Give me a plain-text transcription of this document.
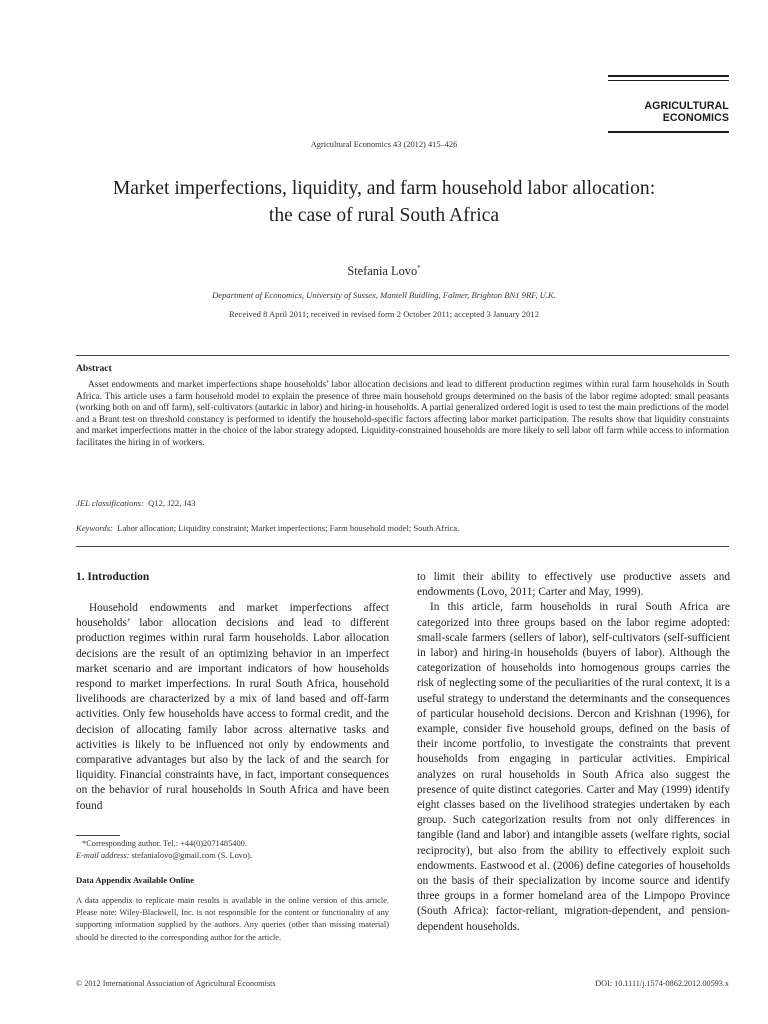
AGRICULTURAL
ECONOMICS
Agricultural Economics 43 (2012) 415–426
Market imperfections, liquidity, and farm household labor allocation:
the case of rural South Africa
Stefania Lovo*
Department of Economics, University of Sussex, Mantell Buidling, Falmer, Brighton BN1 9RF, U.K.
Received 8 April 2011; received in revised form 2 October 2011; accepted 3 January 2012
Abstract
Asset endowments and market imperfections shape households’ labor allocation decisions and lead to different production regimes within rural farm households in South Africa. This article uses a farm household model to explain the presence of three main household groups determined on the basis of the labor regime adopted: small peasants (working both on and off farm), self-cultivators (autarkic in labor) and hiring-in households. A partial generalized ordered logit is used to test the main predictions of the model and a Brant test on threshold constancy is performed to identify the household-specific factors affecting labor market participation. The results show that liquidity constraints and market imperfections matter in the choice of the labor strategy adopted. Liquidity-constrained households are more likely to sell labor off farm while access to information facilitates the hiring in of workers.
JEL classifications: Q12, J22, J43
Keywords: Labor allocation; Liquidity constraint; Market imperfections; Farm household model; South Africa.
1. Introduction

Household endowments and market imperfections affect households’ labor allocation decisions and lead to different production regimes within rural farm households. Labor allocation decisions are the result of an optimizing behavior in an imperfect market scenario and are important indicators of how households respond to market imperfections. In rural South Africa, household livelihoods are characterized by a mix of land based and off-farm activities. Only few households have access to formal credit, and the decision of allocating family labor across alternative tasks and activities is likely to be influenced not only by endowments and comparative advantages but also by the lack of and the search for liquidity. Financial constraints have, in fact, important consequences on the behavior of rural households in South Africa and have been found

*Corresponding author. Tel.: +44(0)2071485400.

E-mail address: stefanialovo@gmail.com (S. Lovo).

Data Appendix Available Online
A data appendix to replicate main results is available in the online version of this article. Please note: Wiley-Blackwell, Inc. is not responsible for the content or functionality of any supporting information supplied by the authors. Any queries (other than missing material) should be directed to the corresponding author for the article.

to limit their ability to effectively use productive assets and endowments (Lovo, 2011; Carter and May, 1999).

In this article, farm households in rural South Africa are categorized into three groups based on the labor regime adopted: small-scale farmers (sellers of labor), self-cultivators (self-sufficient in labor) and hiring-in households (buyers of labor). Although the categorization of households into homogenous groups carries the risk of neglecting some of the peculiarities of the rural context, it is a useful strategy to understand the determinants and the consequences of particular household decisions. Dercon and Krishnan (1996), for example, consider five household groups, defined on the basis of their income portfolio, to investigate the constraints that prevent households from engaging in particular activities. Empirical analyzes on rural households in South Africa also suggest the presence of quite distinct categories. Carter and May (1999) identify eight classes based on the livelihood strategies undertaken by each group. Such categorization results from not only differences in tangible (land and labor) and intangible assets (welfare rights, social reciprocity), but also from the ability to effectively exploit such endowments. Eastwood et al. (2006) define categories of households on the basis of their specialization by income source and identify three groups in a former homeland area of the Limpopo Province (South Africa): factor-reliant, migration-dependent, and pension-dependent households.

© 2012 International Association of Agricultural Economists	DOI: 10.1111/j.1574-0862.2012.00593.x
